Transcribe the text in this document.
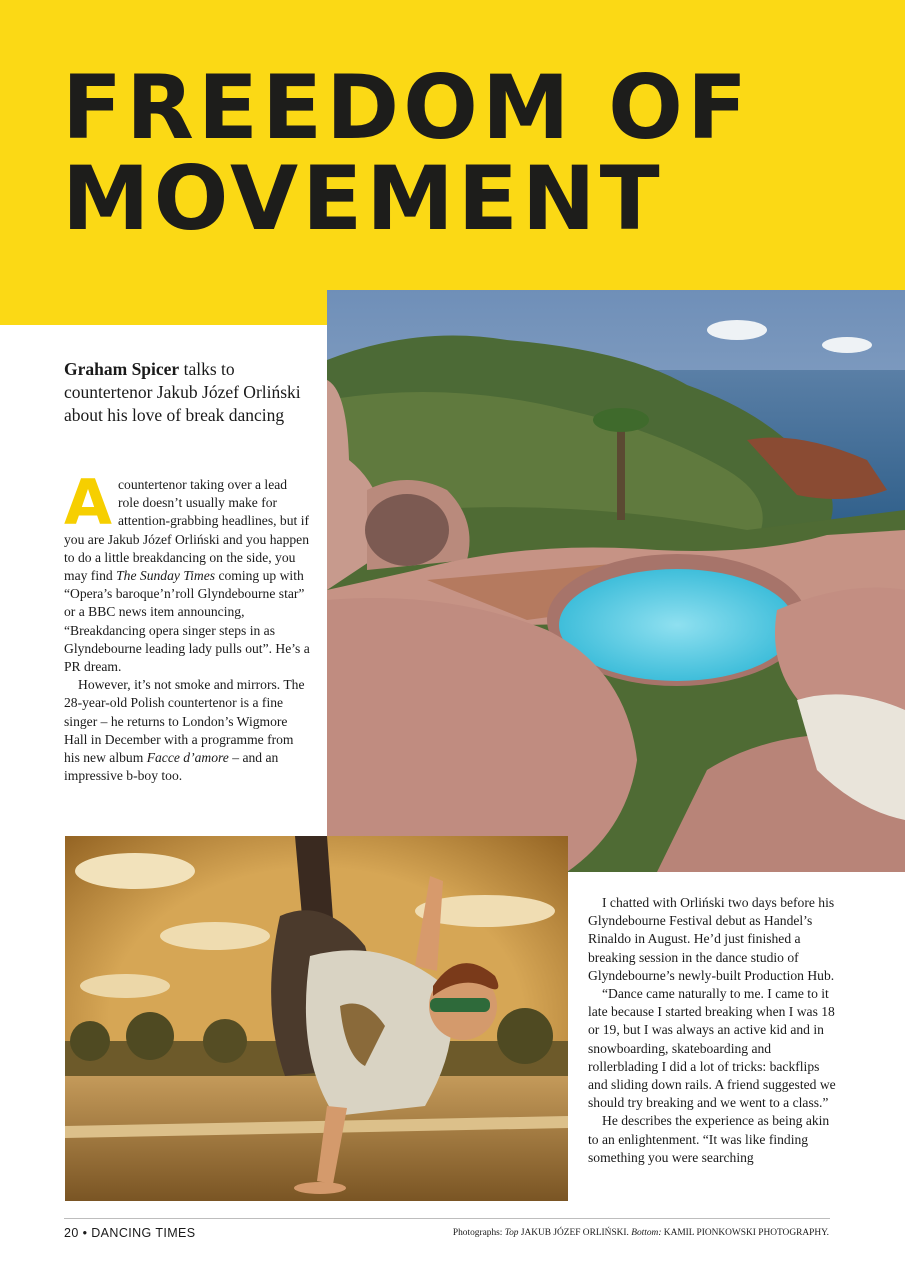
FREEDOM OF
MOVEMENT

Graham Spicer talks to countertenor Jakub Józef Orliński about his love of break dancing

Acountertenor taking over a lead role doesn’t usually make for attention-grabbing headlines, but if you are Jakub Józef Orliński and you happen to do a little breakdancing on the side, you may find The Sunday Times coming up with “Opera’s baroque’n’roll Glyndebourne star” or a BBC news item announcing, “Breakdancing opera singer steps in as Glyndebourne leading lady pulls out”. He’s a PR dream.

However, it’s not smoke and mirrors. The 28-year-old Polish countertenor is a fine singer – he returns to London’s Wigmore Hall in December with a programme from his new album Facce d’amore – and an impressive b-boy too.

I chatted with Orliński two days before his Glyndebourne Festival debut as Handel’s Rinaldo in August. He’d just finished a breaking session in the dance studio of Glyndebourne’s newly-built Production Hub.

“Dance came naturally to me. I came to it late because I started breaking when I was 18 or 19, but I was always an active kid and in snowboarding, skateboarding and rollerblading I did a lot of tricks: backflips and sliding down rails. A friend suggested we should try breaking and we went to a class.”

He describes the experience as being akin to an enlightenment. “It was like finding something you were searching

20 • DANCING TIMES	Photographs: Top JAKUB JÓZEF ORLIŃSKI. Bottom: KAMIL PIONKOWSKI PHOTOGRAPHY.
